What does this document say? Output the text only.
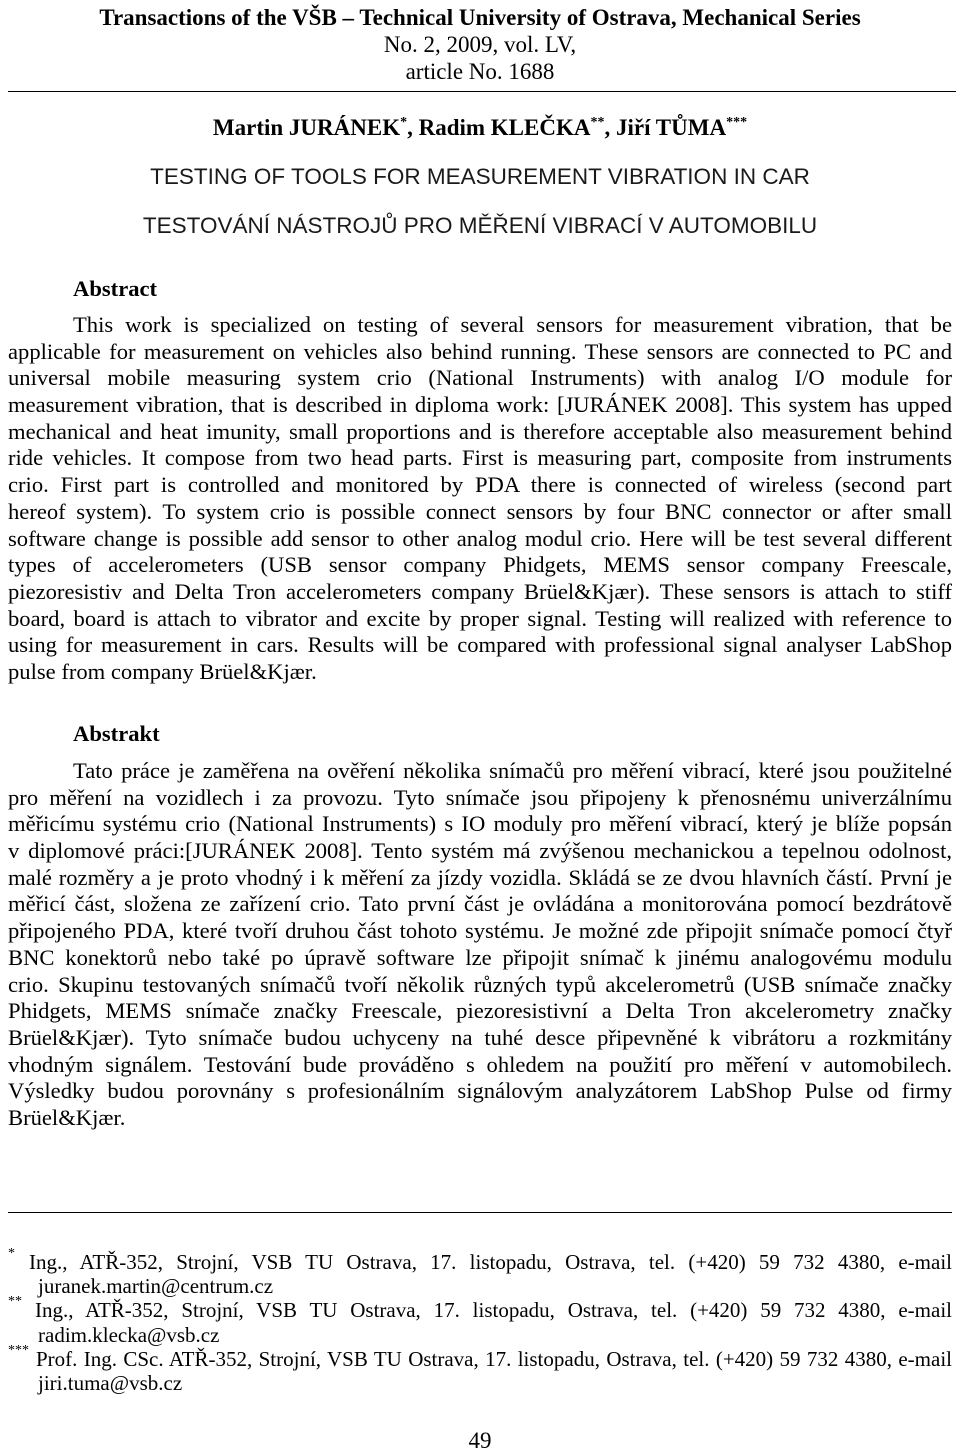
Transactions of the VŠB – Technical University of Ostrava, Mechanical Series
No. 2, 2009, vol. LV,
article No. 1688
Martin JURÁNEK*, Radim KLEČKA**, Jiří TŮMA***
TESTING OF TOOLS FOR MEASUREMENT VIBRATION IN CAR
TESTOVÁNÍ NÁSTROJŮ PRO MĚŘENÍ VIBRACÍ V AUTOMOBILU
Abstract
This work is specialized on testing of several sensors for measurement vibration, that be
applicable for measurement on vehicles also behind running. These sensors are connected to PC and
universal mobile measuring system crio (National Instruments) with analog I/O module for
measurement vibration, that is described in diploma work: [JURÁNEK 2008]. This system has upped
mechanical and heat imunity, small proportions and is therefore acceptable also measurement behind
ride vehicles. It compose from two head parts. First is measuring part, composite from instruments
crio. First part is controlled and monitored by PDA there is connected of wireless (second part
hereof system). To system crio is possible connect sensors by four BNC connector or after small
software change is possible add sensor to other analog modul crio. Here will be test several different
types of accelerometers (USB sensor company Phidgets, MEMS sensor company Freescale,
piezoresistiv and Delta Tron accelerometers company Brüel&Kjær). These sensors is attach to stiff
board, board is attach to vibrator and excite by proper signal. Testing will realized with reference to
using for measurement in cars. Results will be compared with professional signal analyser LabShop
pulse from company Brüel&Kjær.
Abstrakt
Tato práce je zaměřena na ověření několika snímačů pro měření vibrací, které jsou použitelné
pro měření na vozidlech i za provozu. Tyto snímače jsou připojeny k přenosnému univerzálnímu
měřicímu systému crio (National Instruments) s IO moduly pro měření vibrací, který je blíže popsán
v diplomové práci:[JURÁNEK 2008]. Tento systém má zvýšenou mechanickou a tepelnou odolnost,
malé rozměry a je proto vhodný i k měření za jízdy vozidla. Skládá se ze dvou hlavních částí. První je
měřicí část, složena ze zařízení crio. Tato první část je ovládána a monitorována pomocí bezdrátově
připojeného PDA, které tvoří druhou část tohoto systému. Je možné zde připojit snímače pomocí čtyř
BNC konektorů nebo také po úpravě software lze připojit snímač k jinému analogovému modulu
crio. Skupinu testovaných snímačů tvoří několik různých typů akcelerometrů (USB snímače značky
Phidgets, MEMS snímače značky Freescale, piezoresistivní a Delta Tron akcelerometry značky
Brüel&Kjær). Tyto snímače budou uchyceny na tuhé desce připevněné k vibrátoru a rozkmitány
vhodným signálem. Testování bude prováděno s ohledem na použití pro měření v automobilech.
Výsledky budou porovnány s profesionálním signálovým analyzátorem LabShop Pulse od firmy
Brüel&Kjær.
* Ing., ATŘ-352, Strojní, VSB TU Ostrava, 17. listopadu, Ostrava, tel. (+420) 59 732 4380, e-mail
juranek.martin@centrum.cz
** Ing., ATŘ-352, Strojní, VSB TU Ostrava, 17. listopadu, Ostrava, tel. (+420) 59 732 4380, e-mail
radim.klecka@vsb.cz
*** Prof. Ing. CSc. ATŘ-352, Strojní, VSB TU Ostrava, 17. listopadu, Ostrava, tel. (+420) 59 732 4380, e-mail
jiri.tuma@vsb.cz
49
